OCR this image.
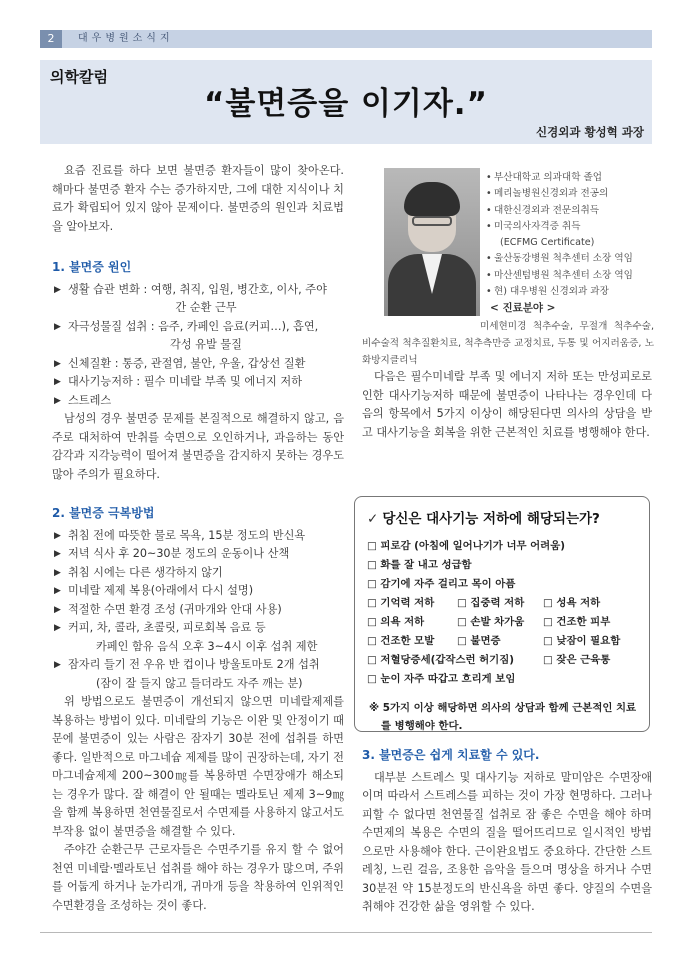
2	대우병원소식지
의학칼럼
“불면증을 이기자.”
신경외과 황성혁 과장

요즘 진료를 하다 보면 불면증 환자들이 많이 찾아온다. 해마다 불면증 환자 수는 증가하지만, 그에 대한 지식이나 치료가 확립되어 있지 않아 문제이다. 불면증의 원인과 치료법을 알아보자.

1. 불면증 원인
▶ 생활 습관 변화 : 여행, 취직, 입원, 병간호, 이사, 주야
간 순환 근무
▶ 자극성물질 섭취 : 음주, 카페인 음료(커피…), 흡연,
각성 유발 물질
▶ 신체질환 : 통증, 관절염, 불안, 우울, 갑상선 질환
▶ 대사기능저하 : 필수 미네랄 부족 및 에너지 저하
▶ 스트레스

남성의 경우 불면증 문제를 본질적으로 해결하지 않고, 음주로 대처하여 만취를 숙면으로 오인하거나, 과음하는 동안 감각과 지각능력이 떨어져 불면증을 감지하지 못하는 경우도 많아 주의가 필요하다.

2. 불면증 극복방법
▶ 취침 전에 따뜻한 물로 목욕, 15분 정도의 반신욕
▶ 저녁 식사 후 20~30분 정도의 운동이나 산책
▶ 취침 시에는 다른 생각하지 않기
▶ 미네랄 제제 복용(아래에서 다시 설명)
▶ 적절한 수면 환경 조성 (귀마개와 안대 사용)
▶ 커피, 차, 콜라, 초콜릿, 피로회복 음료 등
카페인 함유 음식 오후 3~4시 이후 섭취 제한
▶ 잠자리 들기 전 우유 반 컵이나 방울토마토 2개 섭취
(잠이 잘 들지 않고 들더라도 자주 깨는 분)

위 방법으로도 불면증이 개선되지 않으면 미네랄제제를 복용하는 방법이 있다. 미네랄의 기능은 이완 및 안정이기 때문에 불면증이 있는 사람은 잠자기 30분 전에 섭취를 하면 좋다. 일반적으로 마그네슘 제제를 많이 권장하는데, 자기 전 마그네슘제제 200~300㎎를 복용하면 수면장애가 해소되는 경우가 많다. 잘 해결이 안 될때는 멜라토닌 제제 3~9㎎을 함께 복용하면 천연물질로서 수면제를 사용하지 않고서도 부작용 없이 불면증을 해결할 수 있다.

주야간 순환근무 근로자들은 수면주기를 유지 할 수 없어 천연 미네랄·멜라토닌 섭취를 해야 하는 경우가 많으며, 주위를 어둡게 하거나 눈가리개, 귀마개 등을 착용하여 인위적인 수면환경을 조성하는 것이 좋다.

• 부산대학교 의과대학 졸업
• 메리놀병원신경외과 전공의
• 대한신경외과 전문의취득
• 미국의사자격증 취득
(ECFMG Certificate)
• 울산동강병원 척추센터 소장 역임
• 마산센텀병원 척추센터 소장 역임
• 현) 대우병원 신경외과 과장
< 진료분야 >
미세현미경 척추수술, 무절개 척추수술, 비수술적 척추질환치료, 척추측만증 교정치료, 두통 및 어지러움증, 노화방지클리닉

다음은 필수미네랄 부족 및 에너지 저하 또는 만성피로로 인한 대사기능저하 때문에 불면증이 나타나는 경우인데 다음의 항목에서 5가지 이상이 해당된다면 의사의 상담을 받고 대사기능을 회복을 위한 근본적인 치료를 병행해야 한다.

✓ 당신은 대사기능 저하에 해당되는가?
□ 피로감 (아침에 일어나기가 너무 어려움)
□ 화를 잘 내고 성급함
□ 감기에 자주 걸리고 목이 아픔
□ 기억력 저하	□ 집중력 저하	□ 성욕 저하
□ 의욕 저하	□ 손발 차가움	□ 건조한 피부
□ 건조한 모발	□ 불면증	□ 낮잠이 필요함
□ 저혈당증세(갑작스런 허기짐)	□ 잦은 근육통
□ 눈이 자주 따갑고 흐리게 보임
※ 5가지 이상 해당하면 의사의 상담과 함께 근본적인 치료를 병행해야 한다.
3. 불면증은 쉽게 치료할 수 있다.

대부분 스트레스 및 대사기능 저하로 말미암은 수면장애이며 따라서 스트레스를 피하는 것이 가장 현명하다. 그러나 피할 수 없다면 천연물질 섭취로 잠 좋은 수면을 해야 하며 수면제의 복용은 수면의 질을 떨어뜨리므로 일시적인 방법으로만 사용해야 한다. 근이완요법도 중요하다. 간단한 스트레칭, 느린 걸음, 조용한 음악을 들으며 명상을 하거나 수면 30분전 약 15분정도의 반신욕을 하면 좋다. 양질의 수면을 취해야 건강한 삶을 영위할 수 있다.
